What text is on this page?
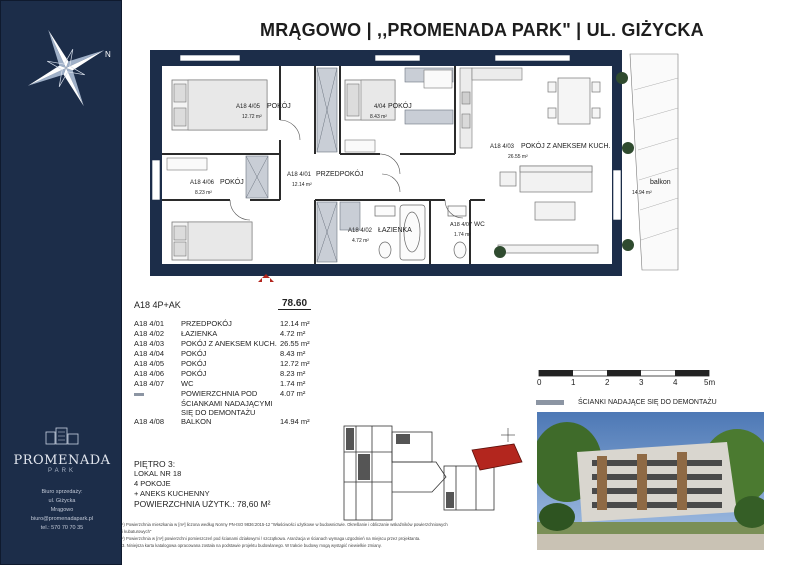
N
PROMENADA
PARK
Biuro sprzedaży:
ul. Giżycka
Mrągowo
biuro@promenadapark.pl
tel.: 570 70 70 35
MRĄGOWO | ,,PROMENADA PARK" | UL. GIŻYCKA
A18 4/05 POKÓJ
12.72 m²
4/04 POKÓJ
8.43 m²
A18 4/03 POKÓJ Z ANEKSEM KUCH.
26.55 m²
A18 4/06 POKÓJ
8.23 m²
A18 4/01 PRZEDPOKÓJ
12.14 m²
A18 4/02 ŁAZIENKA
4.72 m²
A18 4/07 WC
1.74 m²
balkon
14.94 m²
A18 4P+AK	78.60
A18 4/01 PRZEDPOKÓJ	12.14 m²
A18 4/02 ŁAZIENKA	4.72 m²
A18 4/03 POKÓJ Z ANEKSEM KUCH. 26.55 m²
A18 4/04 POKÓJ	8.43 m²
A18 4/05 POKÓJ	12.72 m²
A18 4/06 POKÓJ	8.23 m²
A18 4/07 WC	1.74 m²
POWIERZCHNIA POD ŚCIANKAMI NADAJĄCYMI SIĘ DO DEMONTAŻU
4.07 m²
A18 4/08 BALKON	14.94 m²
PIĘTRO 3:
LOKAL NR 18
4 POKOJE
+ ANEKS KUCHENNY
POWIERZCHNIA UŻYTK.: 78,60 M²
0	1	2	3	4	5m
ŚCIANKI NADAJĄCE SIĘ DO DEMONTAŻU
¹) Powierzchnia mieszkania w [m²] liczona według Normy PN-ISO 9836:2015-12 "Właściwości użytkowe w budownictwie. Określanie i obliczanie wskaźników powierzchniowych
i kubaturowych"
²) Powierzchnia w [m²] powierzchni pomieszczeń pod ścianami działowymi / szczątkowa. Aranżacja w ścianach wymaga uzgodnień na miejscu przez projektanta.
3. Niniejsza karta katalogowa opracowana została na podstawie projektu budowlanego. W trakcie budowy mogą wystąpić niewielkie zmiany.
